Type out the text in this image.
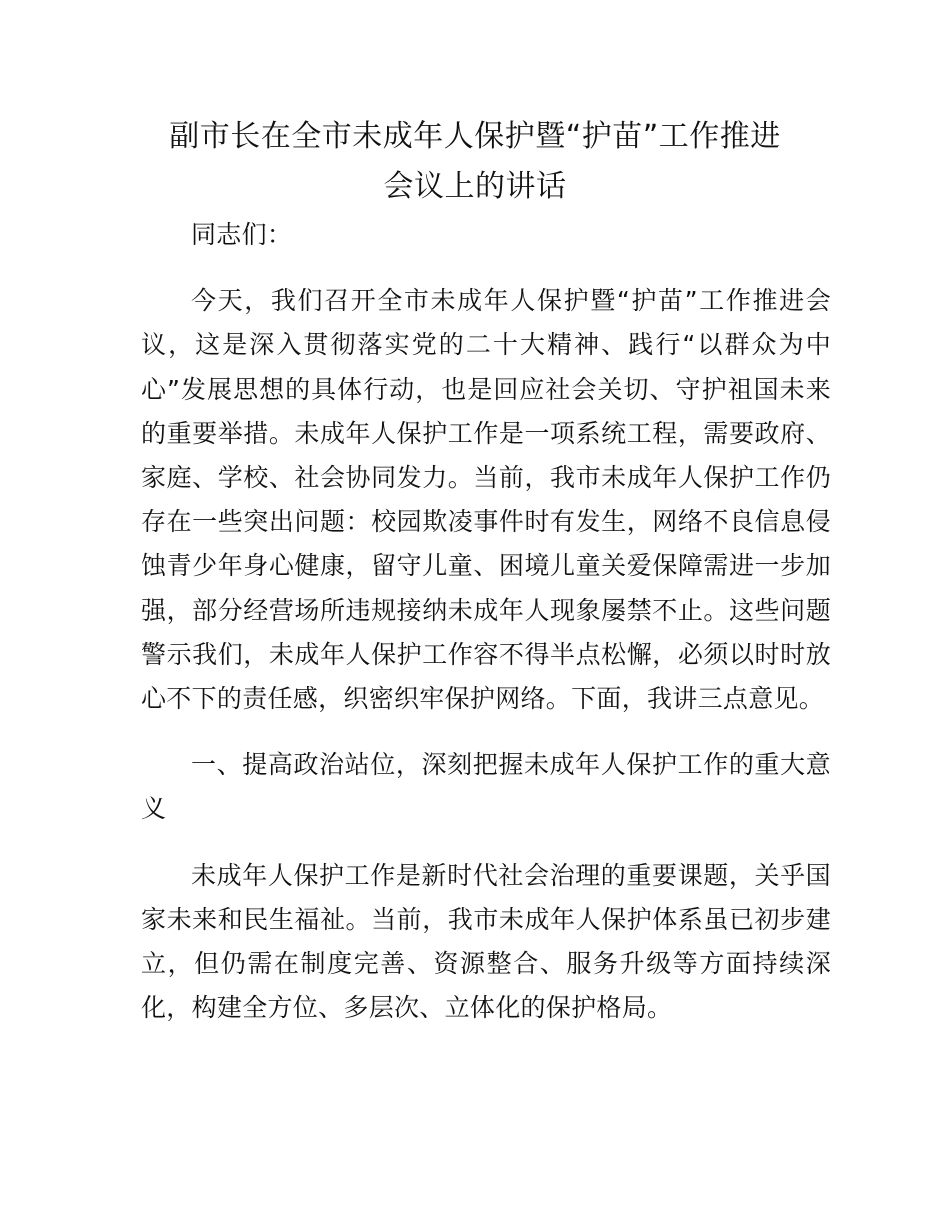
副市长在全市未成年人保护暨“护苗”工作推进
会议上的讲话

同志们：

今天，我们召开全市未成年人保护暨“护苗”工作推进会议，这是深入贯彻落实党的二十大精神、践行“以群众为中心”发展思想的具体行动，也是回应社会关切、守护祖国未来的重要举措。未成年人保护工作是一项系统工程，需要政府、家庭、学校、社会协同发力。当前，我市未成年人保护工作仍存在一些突出问题：校园欺凌事件时有发生，网络不良信息侵蚀青少年身心健康，留守儿童、困境儿童关爱保障需进一步加强，部分经营场所违规接纳未成年人现象屡禁不止。这些问题警示我们，未成年人保护工作容不得半点松懈，必须以时时放心不下的责任感，织密织牢保护网络。下面，我讲三点意见。

一、提高政治站位，深刻把握未成年人保护工作的重大意义

未成年人保护工作是新时代社会治理的重要课题，关乎国家未来和民生福祉。当前，我市未成年人保护体系虽已初步建立，但仍需在制度完善、资源整合、服务升级等方面持续深化，构建全方位、多层次、立体化的保护格局。
